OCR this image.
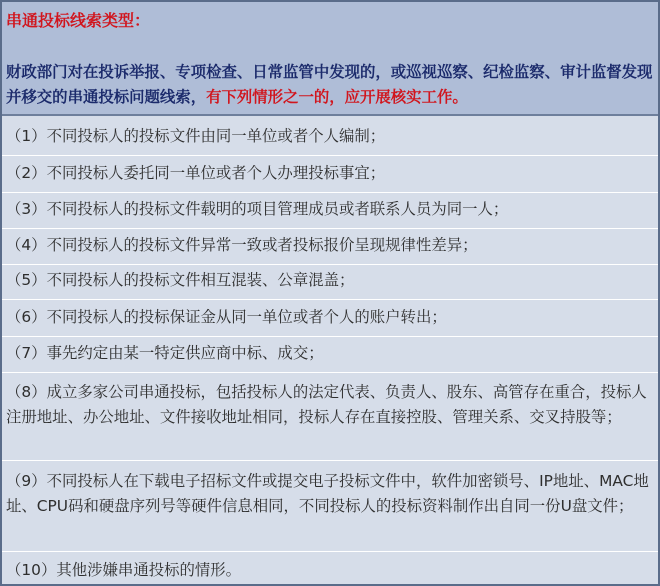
串通投标线索类型：
财政部门对在投诉举报、专项检查、日常监管中发现的，或巡视巡察、纪检监察、审计监督发现并移交的串通投标问题线索，有下列情形之一的，应开展核实工作。
（1）不同投标人的投标文件由同一单位或者个人编制；
（2）不同投标人委托同一单位或者个人办理投标事宜；
（3）不同投标人的投标文件载明的项目管理成员或者联系人员为同一人；
（4）不同投标人的投标文件异常一致或者投标报价呈现规律性差异；
（5）不同投标人的投标文件相互混装、公章混盖；
（6）不同投标人的投标保证金从同一单位或者个人的账户转出；
（7）事先约定由某一特定供应商中标、成交；
（8）成立多家公司串通投标，包括投标人的法定代表、负责人、股东、高管存在重合，投标人注册地址、办公地址、文件接收地址相同，投标人存在直接控股、管理关系、交叉持股等；
（9）不同投标人在下载电子招标文件或提交电子投标文件中，软件加密锁号、IP地址、MAC地址、CPU码和硬盘序列号等硬件信息相同，不同投标人的投标资料制作出自同一份U盘文件；
（10）其他涉嫌串通投标的情形。
